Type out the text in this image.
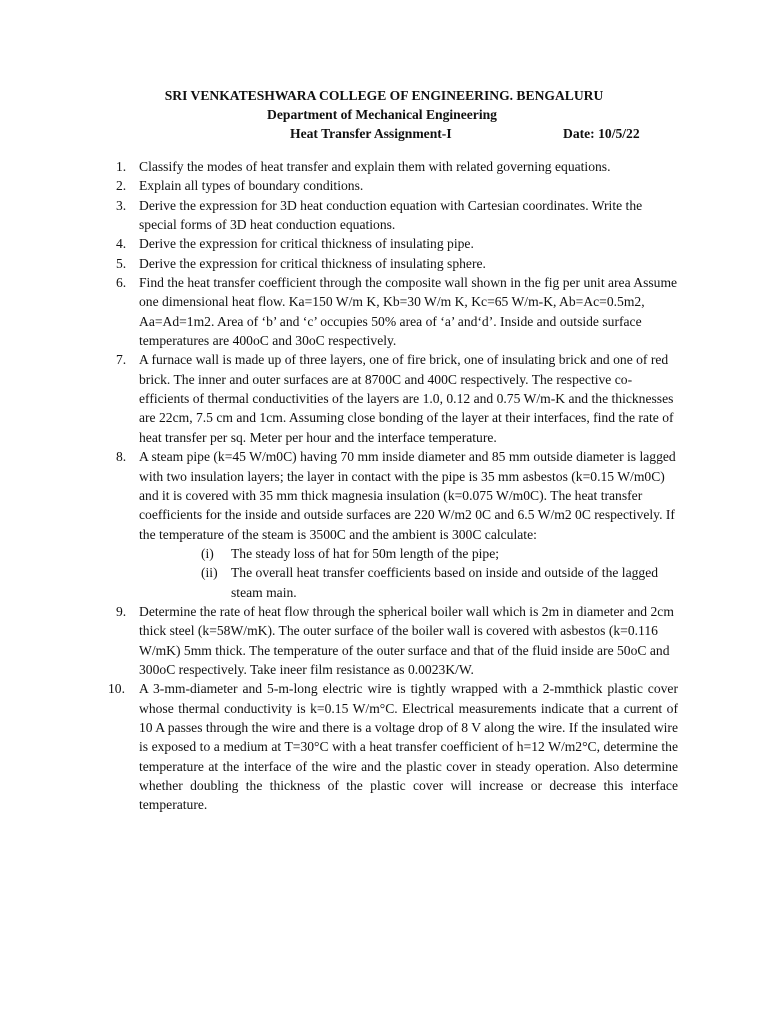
SRI VENKATESHWARA COLLEGE OF ENGINEERING. BENGALURU
Department of Mechanical Engineering
Heat Transfer Assignment-I	Date: 10/5/22
1. Classify the modes of heat transfer and explain them with related governing equations.
2. Explain all types of boundary conditions.
3. Derive the expression for 3D heat conduction equation with Cartesian coordinates. Write the special forms of 3D heat conduction equations.
4. Derive the expression for critical thickness of insulating pipe.
5. Derive the expression for critical thickness of insulating sphere.
6. Find the heat transfer coefficient through the composite wall shown in the fig per unit area Assume one dimensional heat flow. Ka=150 W/m K, Kb=30 W/m K, Kc=65 W/m-K, Ab=Ac=0.5m2, Aa=Ad=1m2. Area of ‘b’ and ‘c’ occupies 50% area of ‘a’ and‘d’. Inside and outside surface temperatures are 400oC and 30oC respectively.
7. A furnace wall is made up of three layers, one of fire brick, one of insulating brick and one of red brick. The inner and outer surfaces are at 8700C and 400C respectively. The respective co-efficients of thermal conductivities of the layers are 1.0, 0.12 and 0.75 W/m-K and the thicknesses are 22cm, 7.5 cm and 1cm. Assuming close bonding of the layer at their interfaces, find the rate of heat transfer per sq. Meter per hour and the interface temperature.
8. A steam pipe (k=45 W/m0C) having 70 mm inside diameter and 85 mm outside diameter is lagged with two insulation layers; the layer in contact with the pipe is 35 mm asbestos (k=0.15 W/m0C) and it is covered with 35 mm thick magnesia insulation (k=0.075 W/m0C). The heat transfer coefficients for the inside and outside surfaces are 220 W/m2 0C and 6.5 W/m2 0C respectively. If the temperature of the steam is 3500C and the ambient is 300C calculate:
(i) The steady loss of hat for 50m length of the pipe;
(ii) The overall heat transfer coefficients based on inside and outside of the lagged steam main.
9. Determine the rate of heat flow through the spherical boiler wall which is 2m in diameter and 2cm thick steel (k=58W/mK). The outer surface of the boiler wall is covered with asbestos (k=0.116 W/mK) 5mm thick. The temperature of the outer surface and that of the fluid inside are 50oC and 300oC respectively. Take ineer film resistance as 0.0023K/W.
10. A 3-mm-diameter and 5-m-long electric wire is tightly wrapped with a 2-mmthick plastic cover whose thermal conductivity is k=0.15 W/m°C. Electrical measurements indicate that a current of 10 A passes through the wire and there is a voltage drop of 8 V along the wire. If the insulated wire is exposed to a medium at T=30°C with a heat transfer coefficient of h=12 W/m2°C, determine the temperature at the interface of the wire and the plastic cover in steady operation. Also determine whether doubling the thickness of the plastic cover will increase or decrease this interface temperature.
